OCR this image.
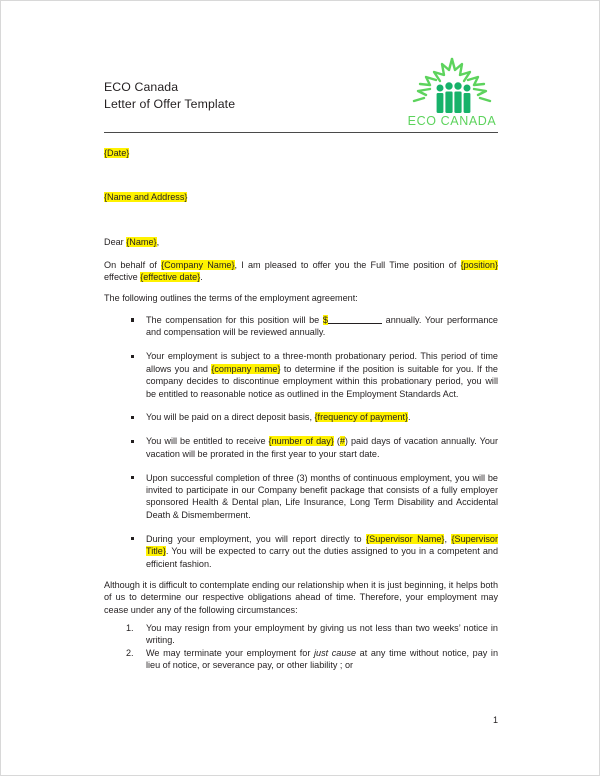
ECO Canada
Letter of Offer Template
ECO CANADA
{Date}
{Name and Address}
Dear {Name},
On behalf of {Company Name}, I am pleased to offer you the Full Time position of {position} effective {effective date}.
The following outlines the terms of the employment agreement:
The compensation for this position will be $	annually. Your performance and compensation will be reviewed annually.
Your employment is subject to a three-month probationary period. This period of time allows you and {company name} to determine if the position is suitable for you. If the company decides to discontinue employment within this probationary period, you will be entitled to reasonable notice as outlined in the Employment Standards Act.
You will be paid on a direct deposit basis, {frequency of payment}.
You will be entitled to receive {number of day} (#) paid days of vacation annually. Your vacation will be prorated in the first year to your start date.
Upon successful completion of three (3) months of continuous employment, you will be invited to participate in our Company benefit package that consists of a fully employer sponsored Health & Dental plan, Life Insurance, Long Term Disability and Accidental Death & Dismemberment.
During your employment, you will report directly to {Supervisor Name}, {Supervisor Title}. You will be expected to carry out the duties assigned to you in a competent and efficient fashion.
Although it is difficult to contemplate ending our relationship when it is just beginning, it helps both of us to determine our respective obligations ahead of time. Therefore, your employment may cease under any of the following circumstances:
1.	You may resign from your employment by giving us not less than two weeks’ notice in writing.
2.	We may terminate your employment for just cause at any time without notice, pay in lieu of notice, or severance pay, or other liability ; or
1
